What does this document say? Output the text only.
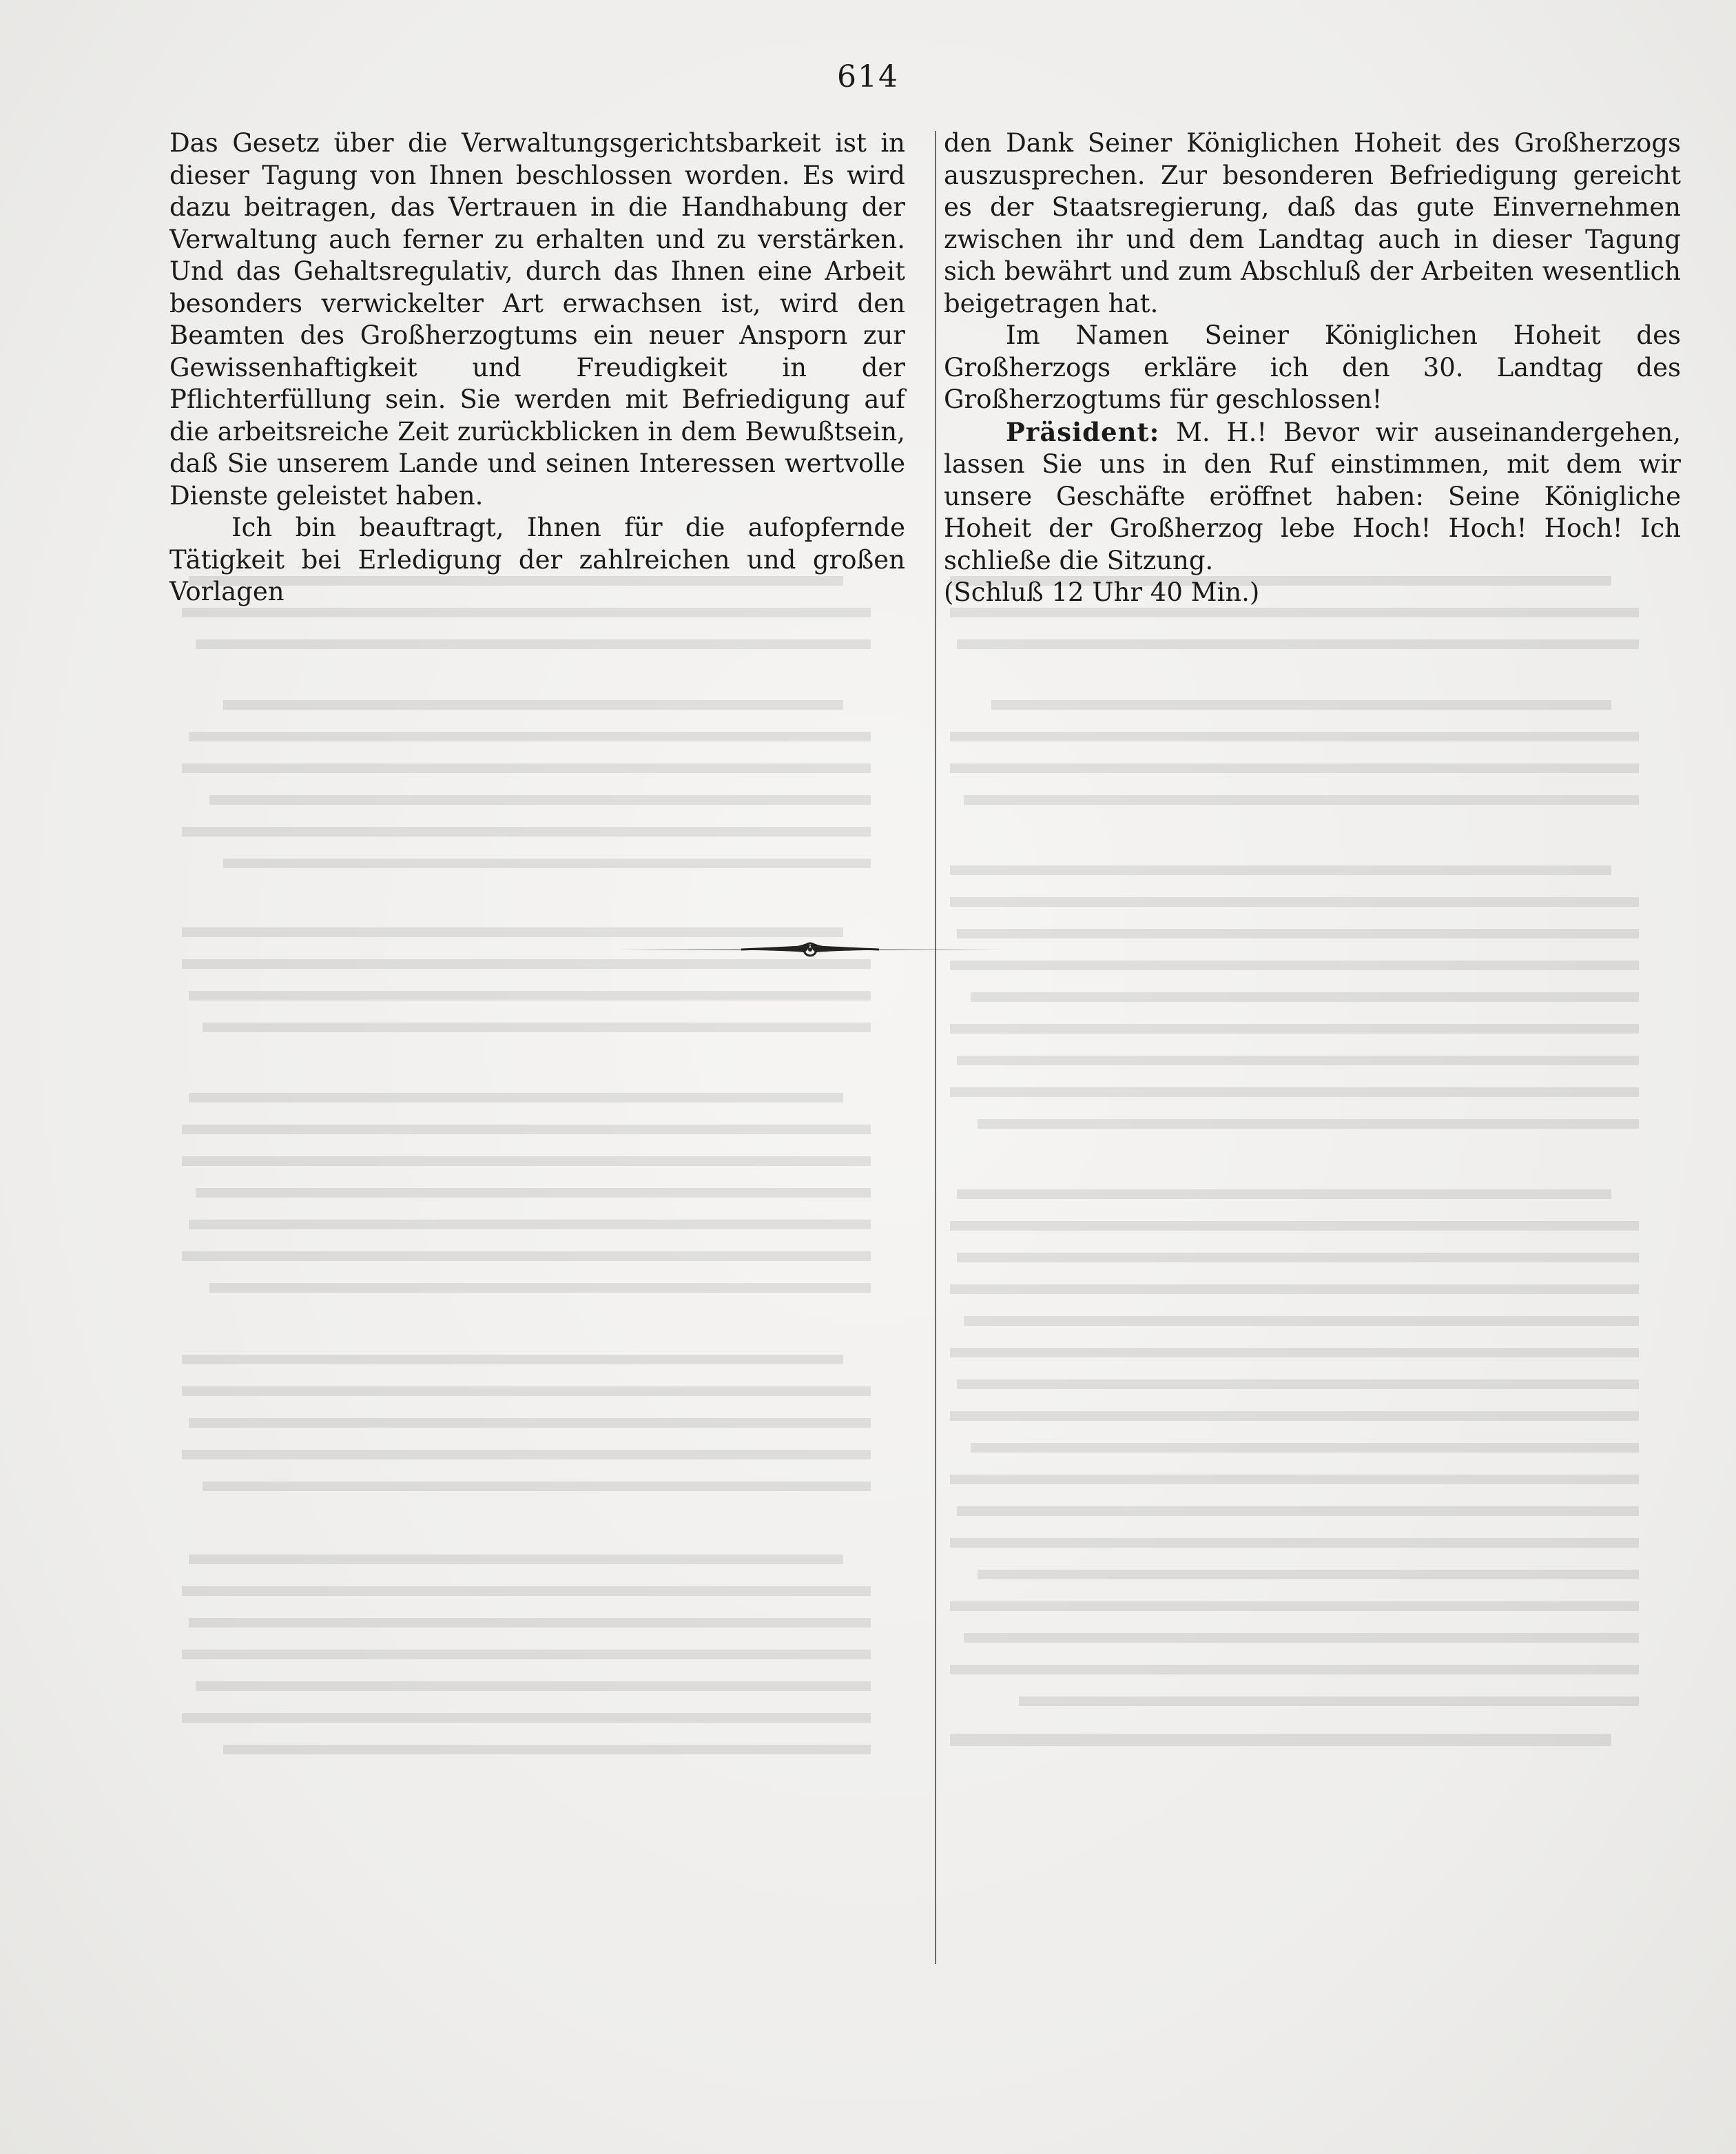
614

Das Gesetz über die Verwaltungsgerichtsbarkeit ist in dieser Tagung von Ihnen beschlossen worden. Es wird dazu beitragen, das Vertrauen in die Handhabung der Verwaltung auch ferner zu erhalten und zu verstärken. Und das Gehaltsregulativ, durch das Ihnen eine Arbeit besonders verwickelter Art erwachsen ist, wird den Beamten des Großherzogtums ein neuer Ansporn zur Gewissenhaftigkeit und Freudigkeit in der Pflichterfüllung sein. Sie werden mit Befriedigung auf die arbeitsreiche Zeit zurückblicken in dem Bewußtsein, daß Sie unserem Lande und seinen Interessen wertvolle Dienste geleistet haben.

Ich bin beauftragt, Ihnen für die aufopfernde Tätigkeit bei Erledigung der zahlreichen und großen Vorlagen

den Dank Seiner Königlichen Hoheit des Großherzogs auszusprechen. Zur besonderen Befriedigung gereicht es der Staatsregierung, daß das gute Einvernehmen zwischen ihr und dem Landtag auch in dieser Tagung sich bewährt und zum Abschluß der Arbeiten wesentlich beigetragen hat.

Im Namen Seiner Königlichen Hoheit des Großherzogs erkläre ich den 30. Landtag des Großherzogtums für geschlossen!

Präsident: M. H.! Bevor wir auseinandergehen, lassen Sie uns in den Ruf einstimmen, mit dem wir unsere Geschäfte eröffnet haben: Seine Königliche Hoheit der Großherzog lebe Hoch! Hoch! Hoch! Ich schließe die Sitzung.

(Schluß 12 Uhr 40 Min.)
